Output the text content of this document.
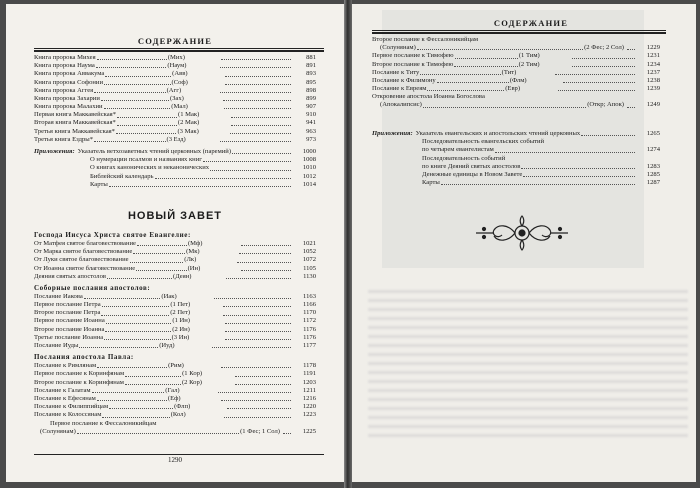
СОДЕРЖАНИЕ
Книга пророка Михея	(Мих)	881
Книга пророка Наума	(Наум)	891
Книга пророка Аввакума	(Авв)	893
Книга пророка Софонии	(Соф)	895
Книга пророка Аггея	(Агг)	898
Книга пророка Захарии	(Зах)	899
Книга пророка Малахии	(Мал)	907
Первая книга Маккавейская*	(1 Мак)	910
Вторая книга Маккавейская*	(2 Мак)	941
Третья книга Маккавейская*	(3 Мак)	963
Третья книга Ездры*	(3 Езд)	973
Приложения: Указатель ветхозаветных чтений церковных (паремий)	1000
О нумерации псалмов и названиях книг	1008
О книгах канонических и неканонических	1010
Библейский календарь	1012
Карты	1014
НОВЫЙ ЗАВЕТ
Господа Иисуса Христа святое Евангелие:
От Матфея святое благовествование	(Мф)	1021
От Марка святое благовествование	(Мк)	1052
От Луки святое благовествование	(Лк)	1072
От Иоанна святое благовествование	(Ин)	1105
Деяния святых апостолов	(Деян)	1130
Соборные послания апостолов:
Послание Иакова	(Иак)	1163
Первое послание Петра	(1 Пет)	1166
Второе послание Петра	(2 Пет)	1170
Первое послание Иоанна	(1 Ин)	1172
Второе послание Иоанна	(2 Ин)	1176
Третье послание Иоанна	(3 Ин)	1176
Послание Иуды	(Иуд)	1177
Послания апостола Павла:
Послание к Римлянам	(Рим)	1178
Первое послание к Коринфянам	(1 Кор)	1191
Второе послание к Коринфянам	(2 Кор)	1203
Послание к Галатам	(Гал)	1211
Послание к Ефесянам	(Еф)	1216
Послание к Филиппийцам	(Флп)	1220
Послание к Колоссянам	(Кол)	1223
Первое послание к Фессалоникийцам
(Солунянам)	(1 Фес; 1 Сол)	1225
1290
СОДЕРЖАНИЕ
Второе послание к Фессалоникийцам
(Солунянам)	(2 Фес; 2 Сол)	1229
Первое послание к Тимофею	(1 Тим)	1231
Второе послание к Тимофею	(2 Тим)	1234
Послание к Титу	(Тит)	1237
Послание к Филимону	(Флм)	1238
Послание к Евреям	(Евр)	1239
Откровение апостола Иоанна Богослова
(Апокалипсис)	(Откр; Апок)	1249
Приложения: Указатель евангельских и апостольских чтений церковных	1265
Последовательность евангельских событий
по четырем евангелистам	1274
Последовательность событий
по книге Деяний святых апостолов	1283
Денежные единицы в Новом Завете	1285
Карты	1287
